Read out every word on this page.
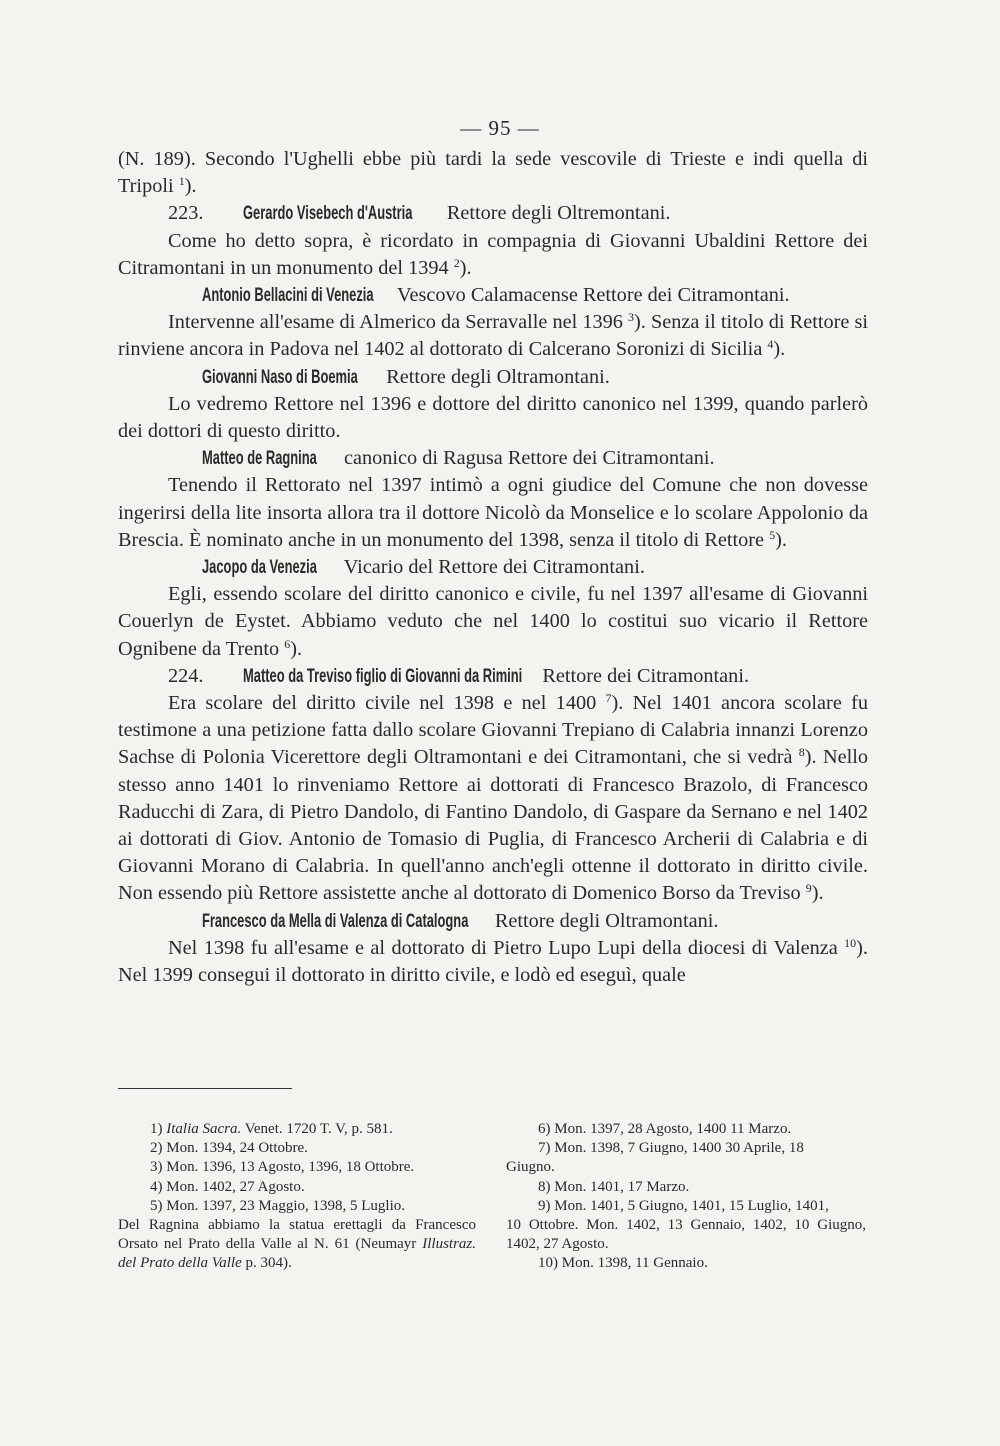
— 95 —

(N. 189). Secondo l'Ughelli ebbe più tardi la sede vescovile di Trieste e indi quella di Tripoli $^1$).

223. Gerardo Visebech d'Austria Rettore degli Oltremontani.

Come ho detto sopra, è ricordato in compagnia di Giovanni Ubaldini Rettore dei Citramontani in un monumento del 1394 $^2$).

Antonio Bellacini di Venezia Vescovo Calamacense Rettore dei Citramontani.

Intervenne all'esame di Almerico da Serravalle nel 1396 $^3$). Senza il titolo di Rettore si rinviene ancora in Padova nel 1402 al dottorato di Calcerano Soronizi di Sicilia $^4$).

Giovanni Naso di Boemia Rettore degli Oltramontani.

Lo vedremo Rettore nel 1396 e dottore del diritto canonico nel 1399, quando parlerò dei dottori di questo diritto.

Matteo de Ragnina canonico di Ragusa Rettore dei Citramontani.

Tenendo il Rettorato nel 1397 intimò a ogni giudice del Comune che non dovesse ingerirsi della lite insorta allora tra il dottore Nicolò da Monselice e lo scolare Appolonio da Brescia. È nominato anche in un monumento del 1398, senza il titolo di Rettore $^5$).

Jacopo da Venezia Vicario del Rettore dei Citramontani.

Egli, essendo scolare del diritto canonico e civile, fu nel 1397 all'esame di Giovanni Couerlyn de Eystet. Abbiamo veduto che nel 1400 lo costitui suo vicario il Rettore Ognibene da Trento $^6$).

224. Matteo da Treviso figlio di Giovanni da Rimini Rettore dei Citramontani.

Era scolare del diritto civile nel 1398 e nel 1400 $^7$). Nel 1401 ancora scolare fu testimone a una petizione fatta dallo scolare Giovanni Trepiano di Calabria innanzi Lorenzo Sachse di Polonia Vicerettore degli Oltramontani e dei Citramontani, che si vedrà $^8$). Nello stesso anno 1401 lo rinveniamo Rettore ai dottorati di Francesco Brazolo, di Francesco Raducchi di Zara, di Pietro Dandolo, di Fantino Dandolo, di Gaspare da Sernano e nel 1402 ai dottorati di Giov. Antonio de Tomasio di Puglia, di Francesco Archerii di Calabria e di Giovanni Morano di Calabria. In quell'anno anch'egli ottenne il dottorato in diritto civile. Non essendo più Rettore assistette anche al dottorato di Domenico Borso da Treviso $^9$).

Francesco da Mella di Valenza di Catalogna Rettore degli Oltramontani.

Nel 1398 fu all'esame e al dottorato di Pietro Lupo Lupi della diocesi di Valenza $^{10}$). Nel 1399 consegui il dottorato in diritto civile, e lodò ed eseguì, quale

1) Italia Sacra. Venet. 1720 T. V, p. 581.

2) Mon. 1394, 24 Ottobre.

3) Mon. 1396, 13 Agosto, 1396, 18 Ottobre.

4) Mon. 1402, 27 Agosto.

5) Mon. 1397, 23 Maggio, 1398, 5 Luglio.

Del Ragnina abbiamo la statua erettagli da Francesco Orsato nel Prato della Valle al N. 61 (Neumayr Illustraz. del Prato della Valle p. 304).

6) Mon. 1397, 28 Agosto, 1400 11 Marzo.

7) Mon. 1398, 7 Giugno, 1400 30 Aprile, 18

Giugno.

8) Mon. 1401, 17 Marzo.

9) Mon. 1401, 5 Giugno, 1401, 15 Luglio, 1401,

10 Ottobre. Mon. 1402, 13 Gennaio, 1402, 10 Giugno, 1402, 27 Agosto.

10) Mon. 1398, 11 Gennaio.
